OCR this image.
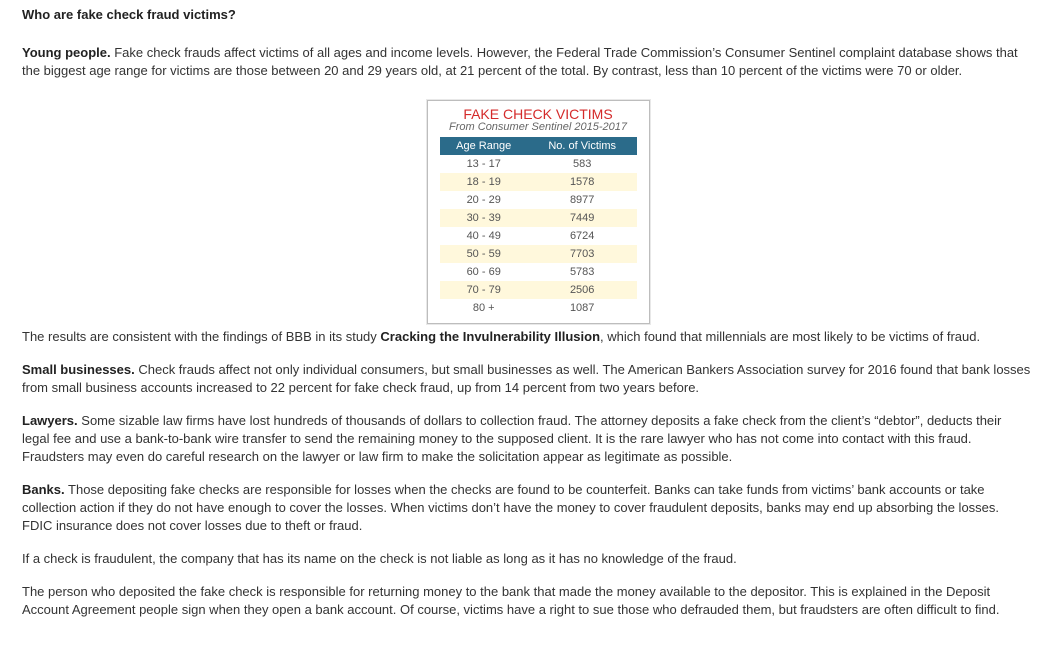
Who are fake check fraud victims?

Young people. Fake check frauds affect victims of all ages and income levels. However, the Federal Trade Commission’s Consumer Sentinel complaint database shows that the biggest age range for victims are those between 20 and 29 years old, at 21 percent of the total. By contrast, less than 10 percent of the victims were 70 or older.

FAKE CHECK VICTIMS
From Consumer Sentinel 2015-2017
Age Range	No. of Victims
13 - 17	583
18 - 19	1578
20 - 29	8977
30 - 39	7449
40 - 49	6724
50 - 59	7703
60 - 69	5783
70 - 79	2506
80 +	1087

The results are consistent with the findings of BBB in its study Cracking the Invulnerability Illusion, which found that millennials are most likely to be victims of fraud.

Small businesses. Check frauds affect not only individual consumers, but small businesses as well. The American Bankers Association survey for 2016 found that bank losses from small business accounts increased to 22 percent for fake check fraud, up from 14 percent from two years before.

Lawyers. Some sizable law firms have lost hundreds of thousands of dollars to collection fraud. The attorney deposits a fake check from the client’s “debtor”, deducts their legal fee and use a bank-to-bank wire transfer to send the remaining money to the supposed client. It is the rare lawyer who has not come into contact with this fraud. Fraudsters may even do careful research on the lawyer or law firm to make the solicitation appear as legitimate as possible.

Banks. Those depositing fake checks are responsible for losses when the checks are found to be counterfeit. Banks can take funds from victims’ bank accounts or take collection action if they do not have enough to cover the losses. When victims don’t have the money to cover fraudulent deposits, banks may end up absorbing the losses. FDIC insurance does not cover losses due to theft or fraud.

If a check is fraudulent, the company that has its name on the check is not liable as long as it has no knowledge of the fraud.

The person who deposited the fake check is responsible for returning money to the bank that made the money available to the depositor. This is explained in the Deposit Account Agreement people sign when they open a bank account. Of course, victims have a right to sue those who defrauded them, but fraudsters are often difficult to find.
